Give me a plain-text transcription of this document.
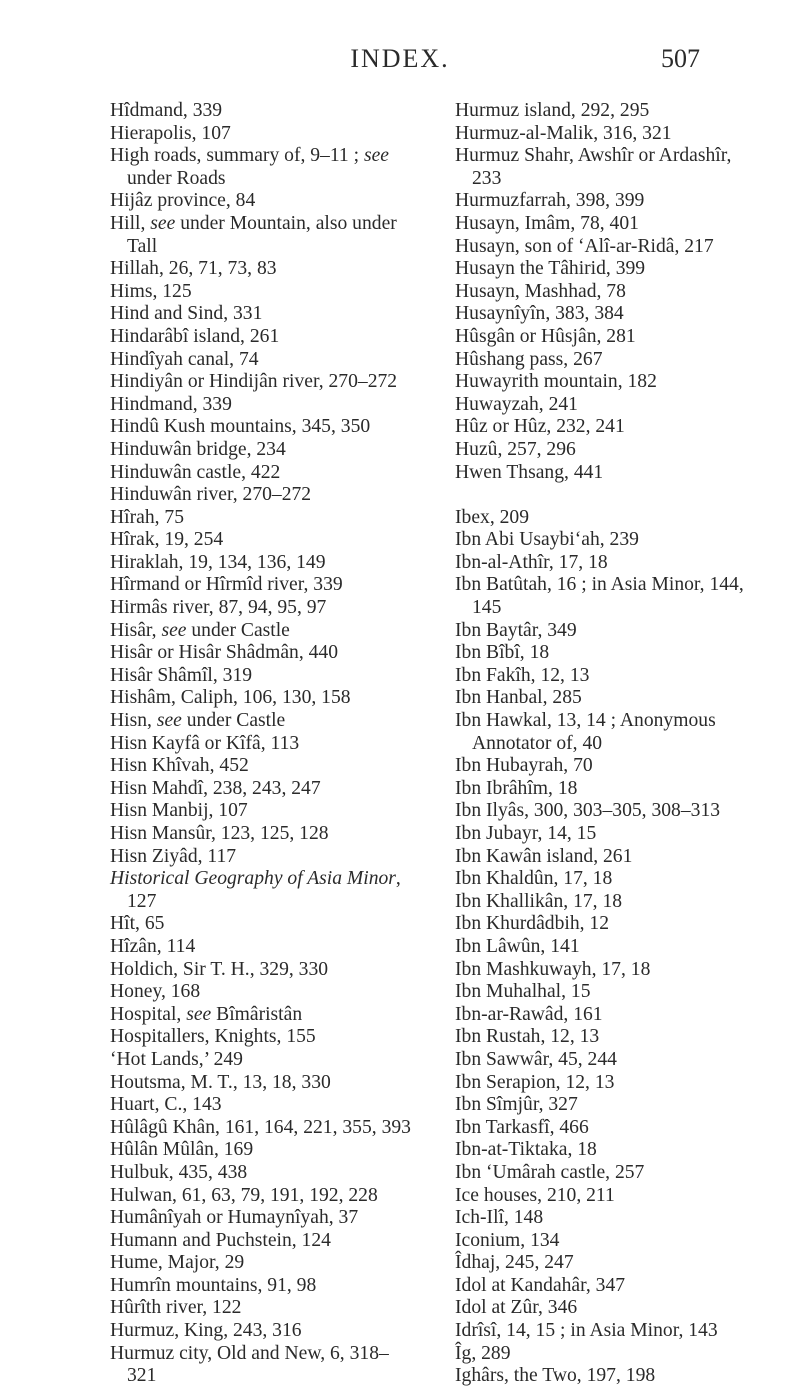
INDEX.	507
Hîdmand, 339
Hierapolis, 107
High roads, summary of, 9–11 ; see
under Roads
Hijâz province, 84
Hill, see under Mountain, also under
Tall
Hillah, 26, 71, 73, 83
Hims, 125
Hind and Sind, 331
Hindarâbî island, 261
Hindîyah canal, 74
Hindiyân or Hindijân river, 270–272
Hindmand, 339
Hindû Kush mountains, 345, 350
Hinduwân bridge, 234
Hinduwân castle, 422
Hinduwân river, 270–272
Hîrah, 75
Hîrak, 19, 254
Hiraklah, 19, 134, 136, 149
Hîrmand or Hîrmîd river, 339
Hirmâs river, 87, 94, 95, 97
Hisâr, see under Castle
Hisâr or Hisâr Shâdmân, 440
Hisâr Shâmîl, 319
Hishâm, Caliph, 106, 130, 158
Hisn, see under Castle
Hisn Kayfâ or Kîfâ, 113
Hisn Khîvah, 452
Hisn Mahdî, 238, 243, 247
Hisn Manbij, 107
Hisn Mansûr, 123, 125, 128
Hisn Ziyâd, 117
Historical Geography of Asia Minor,
127
Hît, 65
Hîzân, 114
Holdich, Sir T. H., 329, 330
Honey, 168
Hospital, see Bîmâristân
Hospitallers, Knights, 155
‘Hot Lands,’ 249
Houtsma, M. T., 13, 18, 330
Huart, C., 143
Hûlâgû Khân, 161, 164, 221, 355, 393
Hûlân Mûlân, 169
Hulbuk, 435, 438
Hulwan, 61, 63, 79, 191, 192, 228
Humânîyah or Humaynîyah, 37
Humann and Puchstein, 124
Hume, Major, 29
Humrîn mountains, 91, 98
Hûrîth river, 122
Hurmuz, King, 243, 316
Hurmuz city, Old and New, 6, 318–
321
Hurmuz island, 292, 295
Hurmuz-al-Malik, 316, 321
Hurmuz Shahr, Awshîr or Ardashîr,
233
Hurmuzfarrah, 398, 399
Husayn, Imâm, 78, 401
Husayn, son of ‘Alî-ar-Ridâ, 217
Husayn the Tâhirid, 399
Husayn, Mashhad, 78
Husaynîyîn, 383, 384
Hûsgân or Hûsjân, 281
Hûshang pass, 267
Huwayrith mountain, 182
Huwayzah, 241
Hûz or Hûz, 232, 241
Huzû, 257, 296
Hwen Thsang, 441
Ibex, 209
Ibn Abi Usaybi‘ah, 239
Ibn-al-Athîr, 17, 18
Ibn Batûtah, 16 ; in Asia Minor, 144,
145
Ibn Baytâr, 349
Ibn Bîbî, 18
Ibn Fakîh, 12, 13
Ibn Hanbal, 285
Ibn Hawkal, 13, 14 ; Anonymous
Annotator of, 40
Ibn Hubayrah, 70
Ibn Ibrâhîm, 18
Ibn Ilyâs, 300, 303–305, 308–313
Ibn Jubayr, 14, 15
Ibn Kawân island, 261
Ibn Khaldûn, 17, 18
Ibn Khallikân, 17, 18
Ibn Khurdâdbih, 12
Ibn Lâwûn, 141
Ibn Mashkuwayh, 17, 18
Ibn Muhalhal, 15
Ibn-ar-Rawâd, 161
Ibn Rustah, 12, 13
Ibn Sawwâr, 45, 244
Ibn Serapion, 12, 13
Ibn Sîmjûr, 327
Ibn Tarkasfî, 466
Ibn-at-Tiktaka, 18
Ibn ‘Umârah castle, 257
Ice houses, 210, 211
Ich-Ilî, 148
Iconium, 134
Îdhaj, 245, 247
Idol at Kandahâr, 347
Idol at Zûr, 346
Idrîsî, 14, 15 ; in Asia Minor, 143
Îg, 289
Ighârs, the Two, 197, 198
